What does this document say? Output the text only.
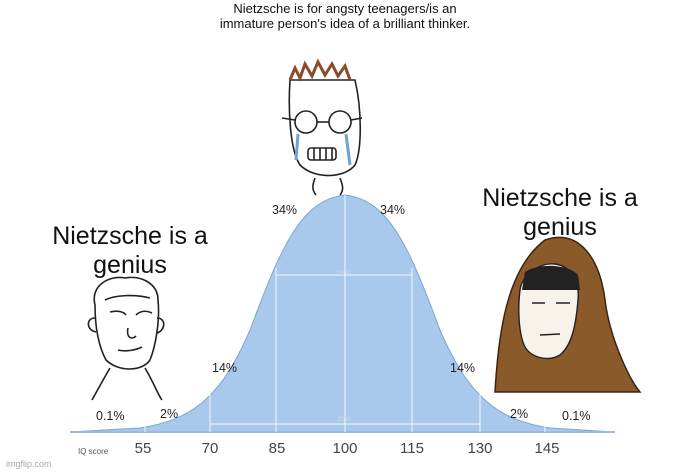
Nietzsche is for angsty teenagers/is an immature person's idea of a brilliant thinker.
Nietzsche is a genius
Nietzsche is a genius
34%	34%
14%	14%
2%	2%
0.1%	0.1%
68%
95%
IQ score 55	70	85	100	115	130	145
imgflip.com
